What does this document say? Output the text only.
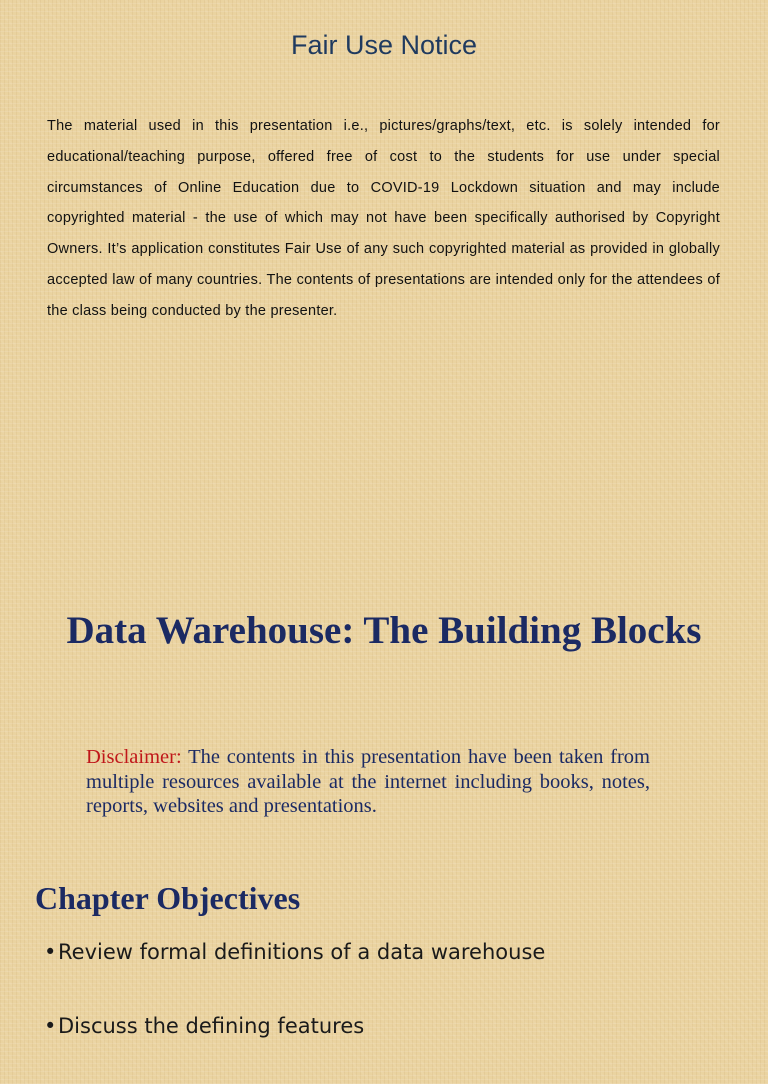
Fair Use Notice

The material used in this presentation i.e., pictures/graphs/text, etc. is solely intended for educational/teaching purpose, offered free of cost to the students for use under special circumstances of Online Education due to COVID-19 Lockdown situation and may include copyrighted material - the use of which may not have been specifically authorised by Copyright Owners. It’s application constitutes Fair Use of any such copyrighted material as provided in globally accepted law of many countries. The contents of presentations are intended only for the attendees of the class being conducted by the presenter.

Data Warehouse: The Building Blocks

Disclaimer: The contents in this presentation have been taken from multiple resources available at the internet including books, notes, reports, websites and presentations.

Chapter Objectives
•Review formal definitions of a data warehouse
•Discuss the defining features
